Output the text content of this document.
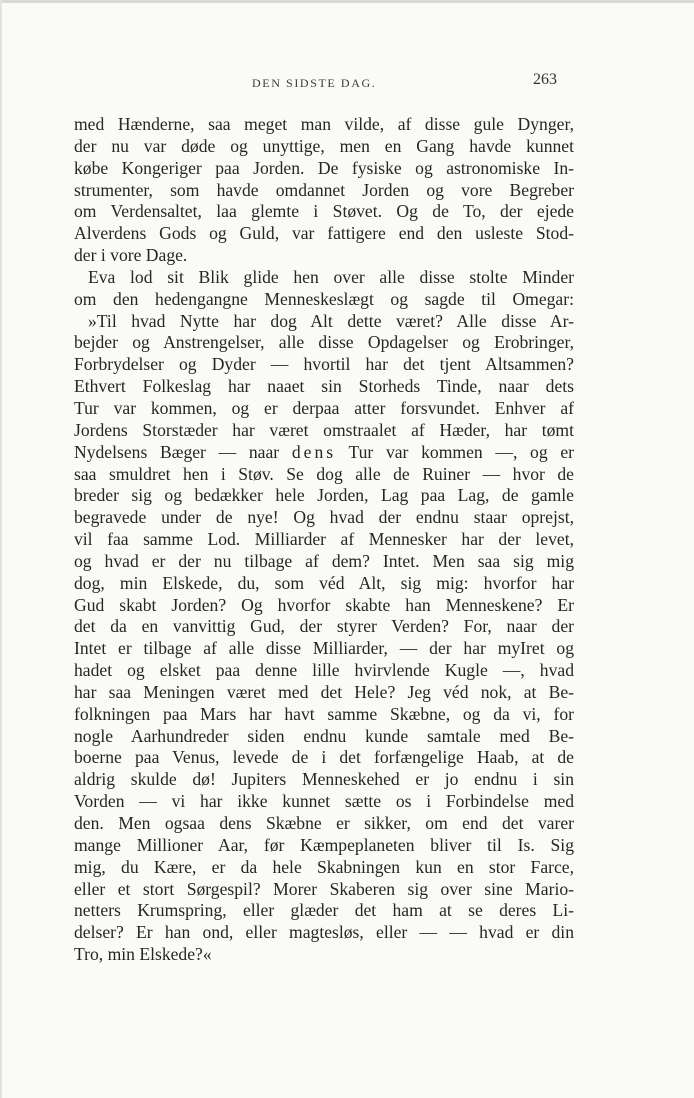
DEN SIDSTE DAG.	263
med Hænderne, saa meget man vilde, af disse gule Dynger,
der nu var døde og unyttige, men en Gang havde kunnet
købe Kongeriger paa Jorden. De fysiske og astronomiske In-
strumenter, som havde omdannet Jorden og vore Begreber
om Verdensaltet, laa glemte i Støvet. Og de To, der ejede
Alverdens Gods og Guld, var fattigere end den usleste Stod-
der i vore Dage.
Eva lod sit Blik glide hen over alle disse stolte Minder
om den hedengangne Menneskeslægt og sagde til Omegar:
»Til hvad Nytte har dog Alt dette været? Alle disse Ar-
bejder og Anstrengelser, alle disse Opdagelser og Erobringer,
Forbrydelser og Dyder — hvortil har det tjent Altsammen?
Ethvert Folkeslag har naaet sin Storheds Tinde, naar dets
Tur var kommen, og er derpaa atter forsvundet. Enhver af
Jordens Storstæder har været omstraalet af Hæder, har tømt
Nydelsens Bæger — naar dens Tur var kommen —, og er
saa smuldret hen i Støv. Se dog alle de Ruiner — hvor de
breder sig og bedækker hele Jorden, Lag paa Lag, de gamle
begravede under de nye! Og hvad der endnu staar oprejst,
vil faa samme Lod. Milliarder af Mennesker har der levet,
og hvad er der nu tilbage af dem? Intet. Men saa sig mig
dog, min Elskede, du, som véd Alt, sig mig: hvorfor har
Gud skabt Jorden? Og hvorfor skabte han Menneskene? Er
det da en vanvittig Gud, der styrer Verden? For, naar der
Intet er tilbage af alle disse Milliarder, — der har myIret og
hadet og elsket paa denne lille hvirvlende Kugle —, hvad
har saa Meningen været med det Hele? Jeg véd nok, at Be-
folkningen paa Mars har havt samme Skæbne, og da vi, for
nogle Aarhundreder siden endnu kunde samtale med Be-
boerne paa Venus, levede de i det forfængelige Haab, at de
aldrig skulde dø! Jupiters Menneskehed er jo endnu i sin
Vorden — vi har ikke kunnet sætte os i Forbindelse med
den. Men ogsaa dens Skæbne er sikker, om end det varer
mange Millioner Aar, før Kæmpeplaneten bliver til Is. Sig
mig, du Kære, er da hele Skabningen kun en stor Farce,
eller et stort Sørgespil? Morer Skaberen sig over sine Mario-
netters Krumspring, eller glæder det ham at se deres Li-
delser? Er han ond, eller magtesløs, eller — — hvad er din
Tro, min Elskede?«
